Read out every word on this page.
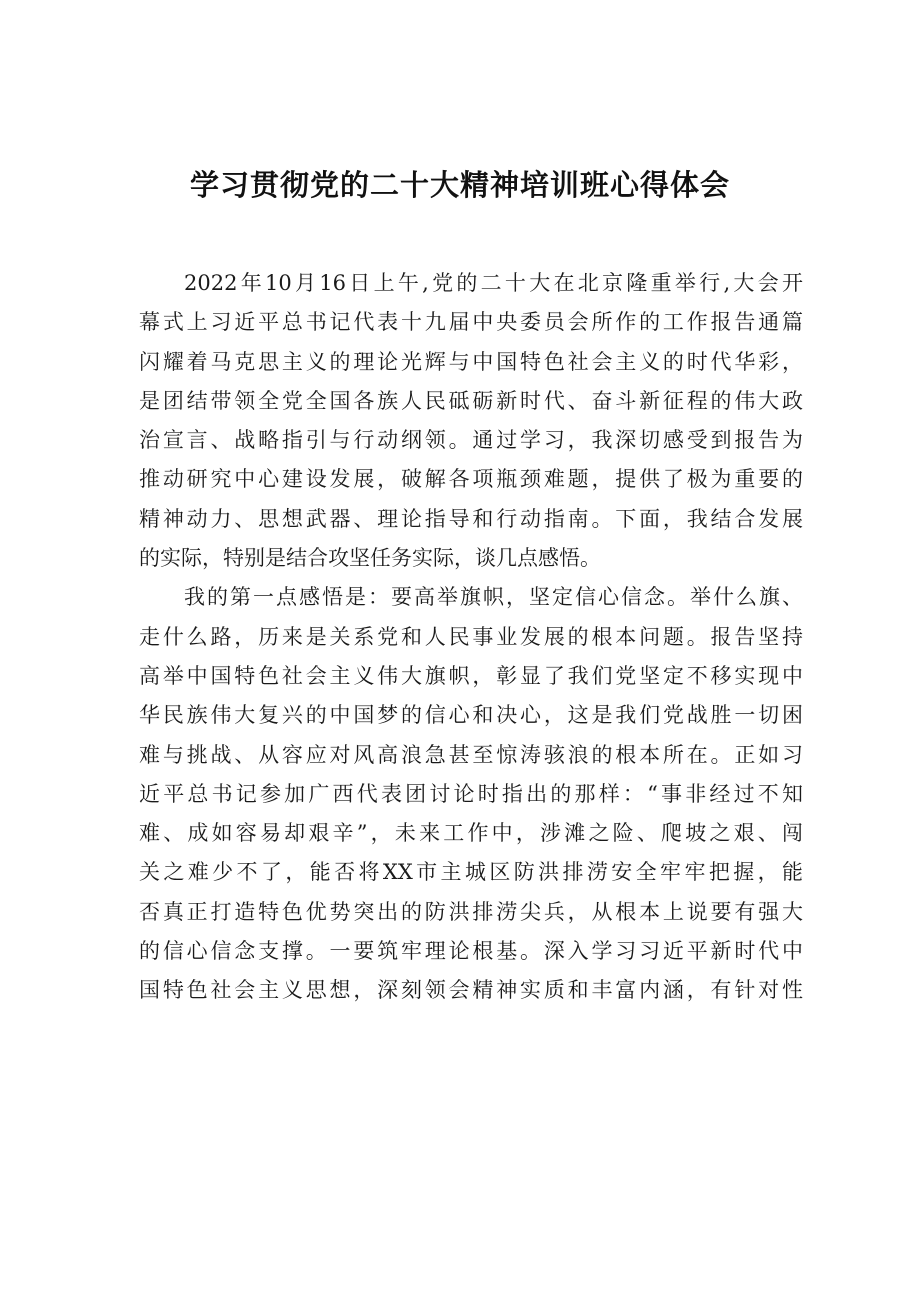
学习贯彻党的二十大精神培训班心得体会
2022年10月16日上午,党的二十大在北京隆重举行,大会开
幕式上习近平总书记代表十九届中央委员会所作的工作报告通篇
闪耀着马克思主义的理论光辉与中国特色社会主义的时代华彩，
是团结带领全党全国各族人民砥砺新时代、奋斗新征程的伟大政
治宣言、战略指引与行动纲领。通过学习，我深切感受到报告为
推动研究中心建设发展，破解各项瓶颈难题，提供了极为重要的
精神动力、思想武器、理论指导和行动指南。下面，我结合发展
的实际，特别是结合攻坚任务实际，谈几点感悟。
我的第一点感悟是：要高举旗帜，坚定信心信念。举什么旗、
走什么路，历来是关系党和人民事业发展的根本问题。报告坚持
高举中国特色社会主义伟大旗帜，彰显了我们党坚定不移实现中
华民族伟大复兴的中国梦的信心和决心，这是我们党战胜一切困
难与挑战、从容应对风高浪急甚至惊涛骇浪的根本所在。正如习
近平总书记参加广西代表团讨论时指出的那样：“事非经过不知
难、成如容易却艰辛”，未来工作中，涉滩之险、爬坡之艰、闯
关之难少不了，能否将XX市主城区防洪排涝安全牢牢把握，能
否真正打造特色优势突出的防洪排涝尖兵，从根本上说要有强大
的信心信念支撑。一要筑牢理论根基。深入学习习近平新时代中
国特色社会主义思想，深刻领会精神实质和丰富内涵，有针对性
